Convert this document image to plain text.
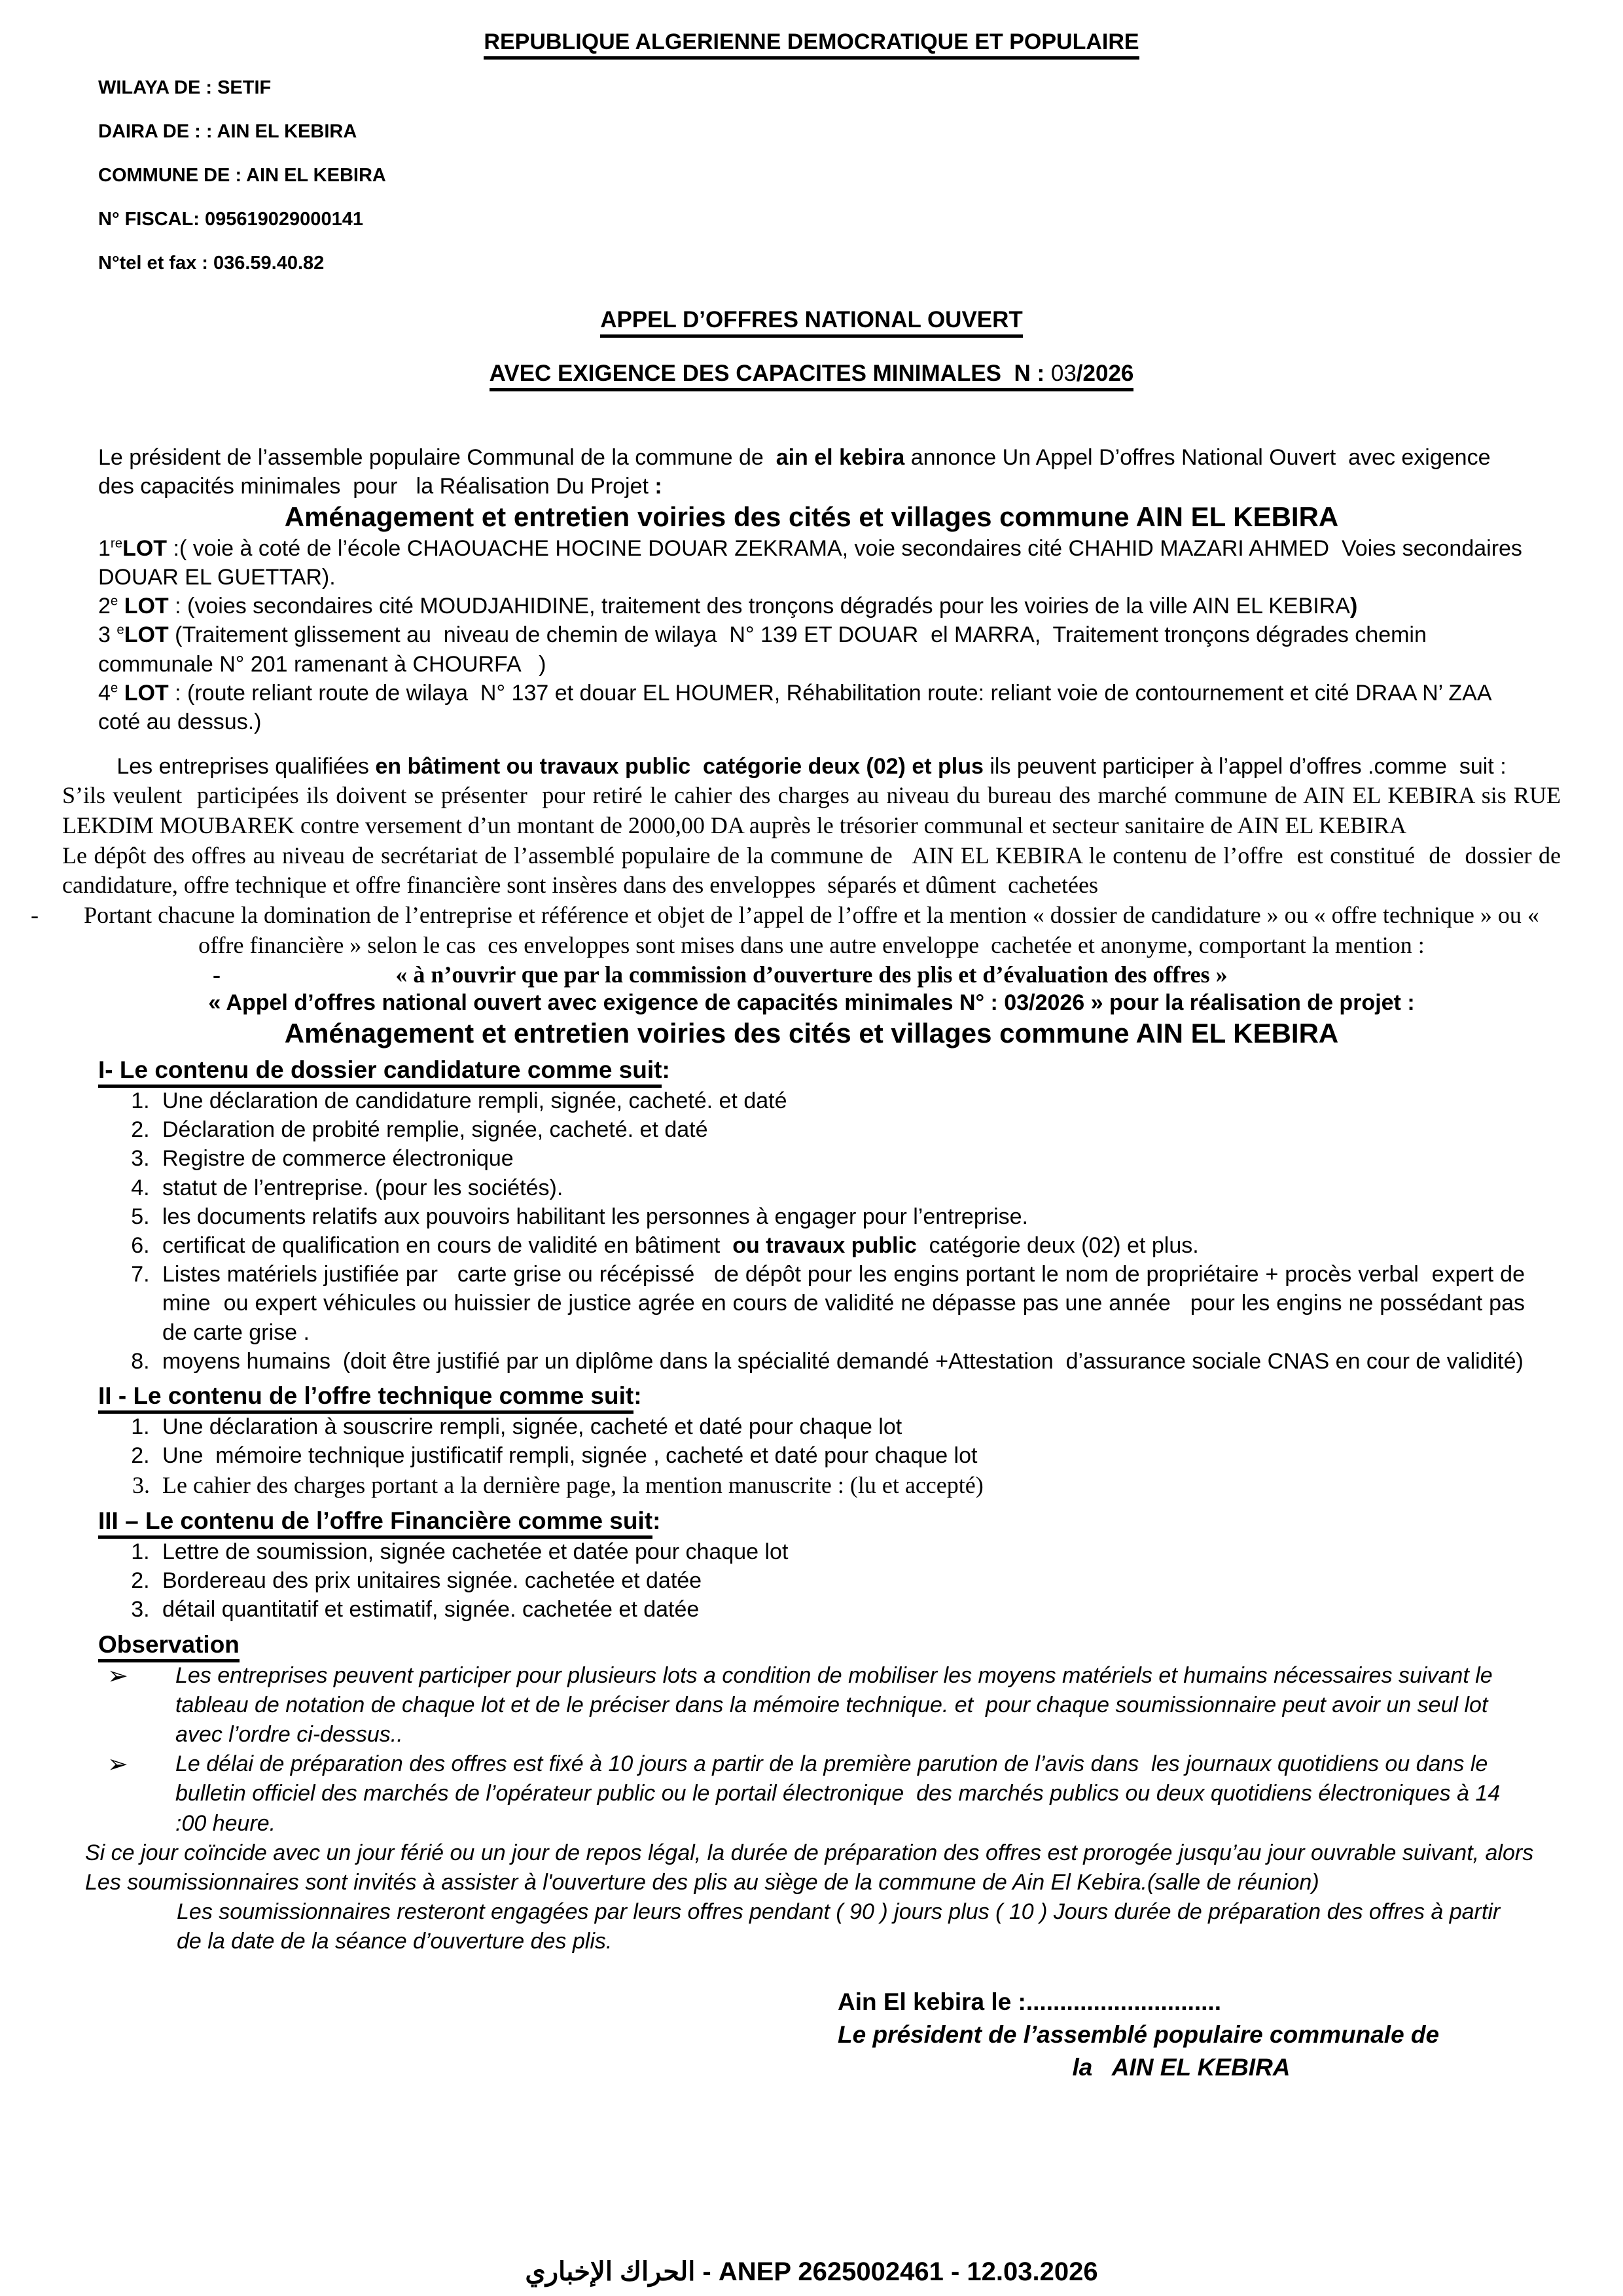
REPUBLIQUE ALGERIENNE DEMOCRATIQUE ET POPULAIRE

WILAYA DE : SETIF

DAIRA DE : : AIN EL KEBIRA

COMMUNE DE : AIN EL KEBIRA

N° FISCAL: 095619029000141

N°tel et fax : 036.59.40.82

APPEL D’OFFRES NATIONAL OUVERT
AVEC EXIGENCE DES CAPACITES MINIMALES  N : 03/2026

Le président de l’assemble populaire Communal de la commune de  ain el kebira annonce Un Appel D’offres National Ouvert  avec exigence des capacités minimales  pour   la Réalisation Du Projet :

Aménagement et entretien voiries des cités et villages commune AIN EL KEBIRA

1reLOT :( voie à coté de l’école CHAOUACHE HOCINE DOUAR ZEKRAMA, voie secondaires cité CHAHID MAZARI AHMED  Voies secondaires DOUAR EL GUETTAR).

2e LOT : (voies secondaires cité MOUDJAHIDINE, traitement des tronçons dégradés pour les voiries de la ville AIN EL KEBIRA)

3 $^e$LOT (Traitement glissement au  niveau de chemin de wilaya  N° 139 ET DOUAR  el MARRA,  Traitement tronçons dégrades chemin communale N° 201 ramenant à CHOURFA   )

4e LOT : (route reliant route de wilaya  N° 137 et douar EL HOUMER, Réhabilitation route: reliant voie de contournement et cité DRAA N’ ZAA coté au dessus.)

Les entreprises qualifiées en bâtiment ou travaux public  catégorie deux (02) et plus ils peuvent participer à l’appel d’offres .comme  suit :

S’ils veulent  participées ils doivent se présenter  pour retiré le cahier des charges au niveau du bureau des marché commune de AIN EL KEBIRA sis RUE LEKDIM MOUBAREK contre versement d’un montant de 2000,00 DA auprès le trésorier communal et secteur sanitaire de AIN EL KEBIRA

Le dépôt des offres au niveau de secrétariat de l’assemblé populaire de la commune de   AIN EL KEBIRA le contenu de l’offre  est constitué  de  dossier de  candidature, offre technique et offre financière sont insères dans des enveloppes  séparés et dûment  cachetées

- Portant chacune la domination de l’entreprise et référence et objet de l’appel de l’offre et la mention « dossier de candidature » ou « offre technique » ou « offre financière » selon le cas  ces enveloppes sont mises dans une autre enveloppe  cachetée et anonyme, comportant la mention :
-	« à n’ouvrir que par la commission d’ouverture des plis et d’évaluation des offres »
« Appel d’offres national ouvert avec exigence de capacités minimales N° : 03/2026 » pour la réalisation de projet :
Aménagement et entretien voiries des cités et villages commune AIN EL KEBIRA
I- Le contenu de dossier candidature comme suit:
1. Une déclaration de candidature rempli, signée, cacheté. et daté
2. Déclaration de probité remplie, signée, cacheté. et daté
3. Registre de commerce électronique
4. statut de l’entreprise. (pour les sociétés).
5. les documents relatifs aux pouvoirs habilitant les personnes à engager pour l’entreprise.
6. certificat de qualification en cours de validité en bâtiment  ou travaux public  catégorie deux (02) et plus.
7. Listes matériels justifiée par   carte grise ou récépissé   de dépôt pour les engins portant le nom de propriétaire + procès verbal  expert de mine  ou expert véhicules ou huissier de justice agrée en cours de validité ne dépasse pas une année   pour les engins ne possédant pas de carte grise .
8. moyens humains  (doit être justifié par un diplôme dans la spécialité demandé +Attestation  d’assurance sociale CNAS en cour de validité)
II - Le contenu de l’offre technique comme suit:
1. Une déclaration à souscrire rempli, signée, cacheté et daté pour chaque lot
2. Une  mémoire technique justificatif rempli, signée , cacheté et daté pour chaque lot
3. Le cahier des charges portant a la dernière page, la mention manuscrite : (lu et accepté)
III – Le contenu de l’offre Financière comme suit:
1. Lettre de soumission, signée cachetée et datée pour chaque lot
2. Bordereau des prix unitaires signée. cachetée et datée
3. détail quantitatif et estimatif, signée. cachetée et datée
Observation
➢ Les entreprises peuvent participer pour plusieurs lots a condition de mobiliser les moyens matériels et humains nécessaires suivant le tableau de notation de chaque lot et de le préciser dans la mémoire technique. et  pour chaque soumissionnaire peut avoir un seul lot avec l’ordre ci-dessus..
➢ Le délai de préparation des offres est fixé à 10 jours a partir de la première parution de l’avis dans  les journaux quotidiens ou dans le bulletin officiel des marchés de l’opérateur public ou le portail électronique  des marchés publics ou deux quotidiens électroniques à 14 :00 heure.

Si ce jour coïncide avec un jour férié ou un jour de repos légal, la durée de préparation des offres est prorogée jusqu’au jour ouvrable suivant, alors Les soumissionnaires sont invités à assister à l'ouverture des plis au siège de la commune de Ain El Kebira.(salle de réunion)

Les soumissionnaires resteront engagées par leurs offres pendant ( 90 ) jours plus ( 10 ) Jours durée de préparation des offres à partir de la date de la séance d’ouverture des plis.

Ain El kebira le :.............................
Le président de l’assemblé populaire communale de
la   AIN EL KEBIRA
الحراك الإخباري - ANEP 2625002461 - 12.03.2026
